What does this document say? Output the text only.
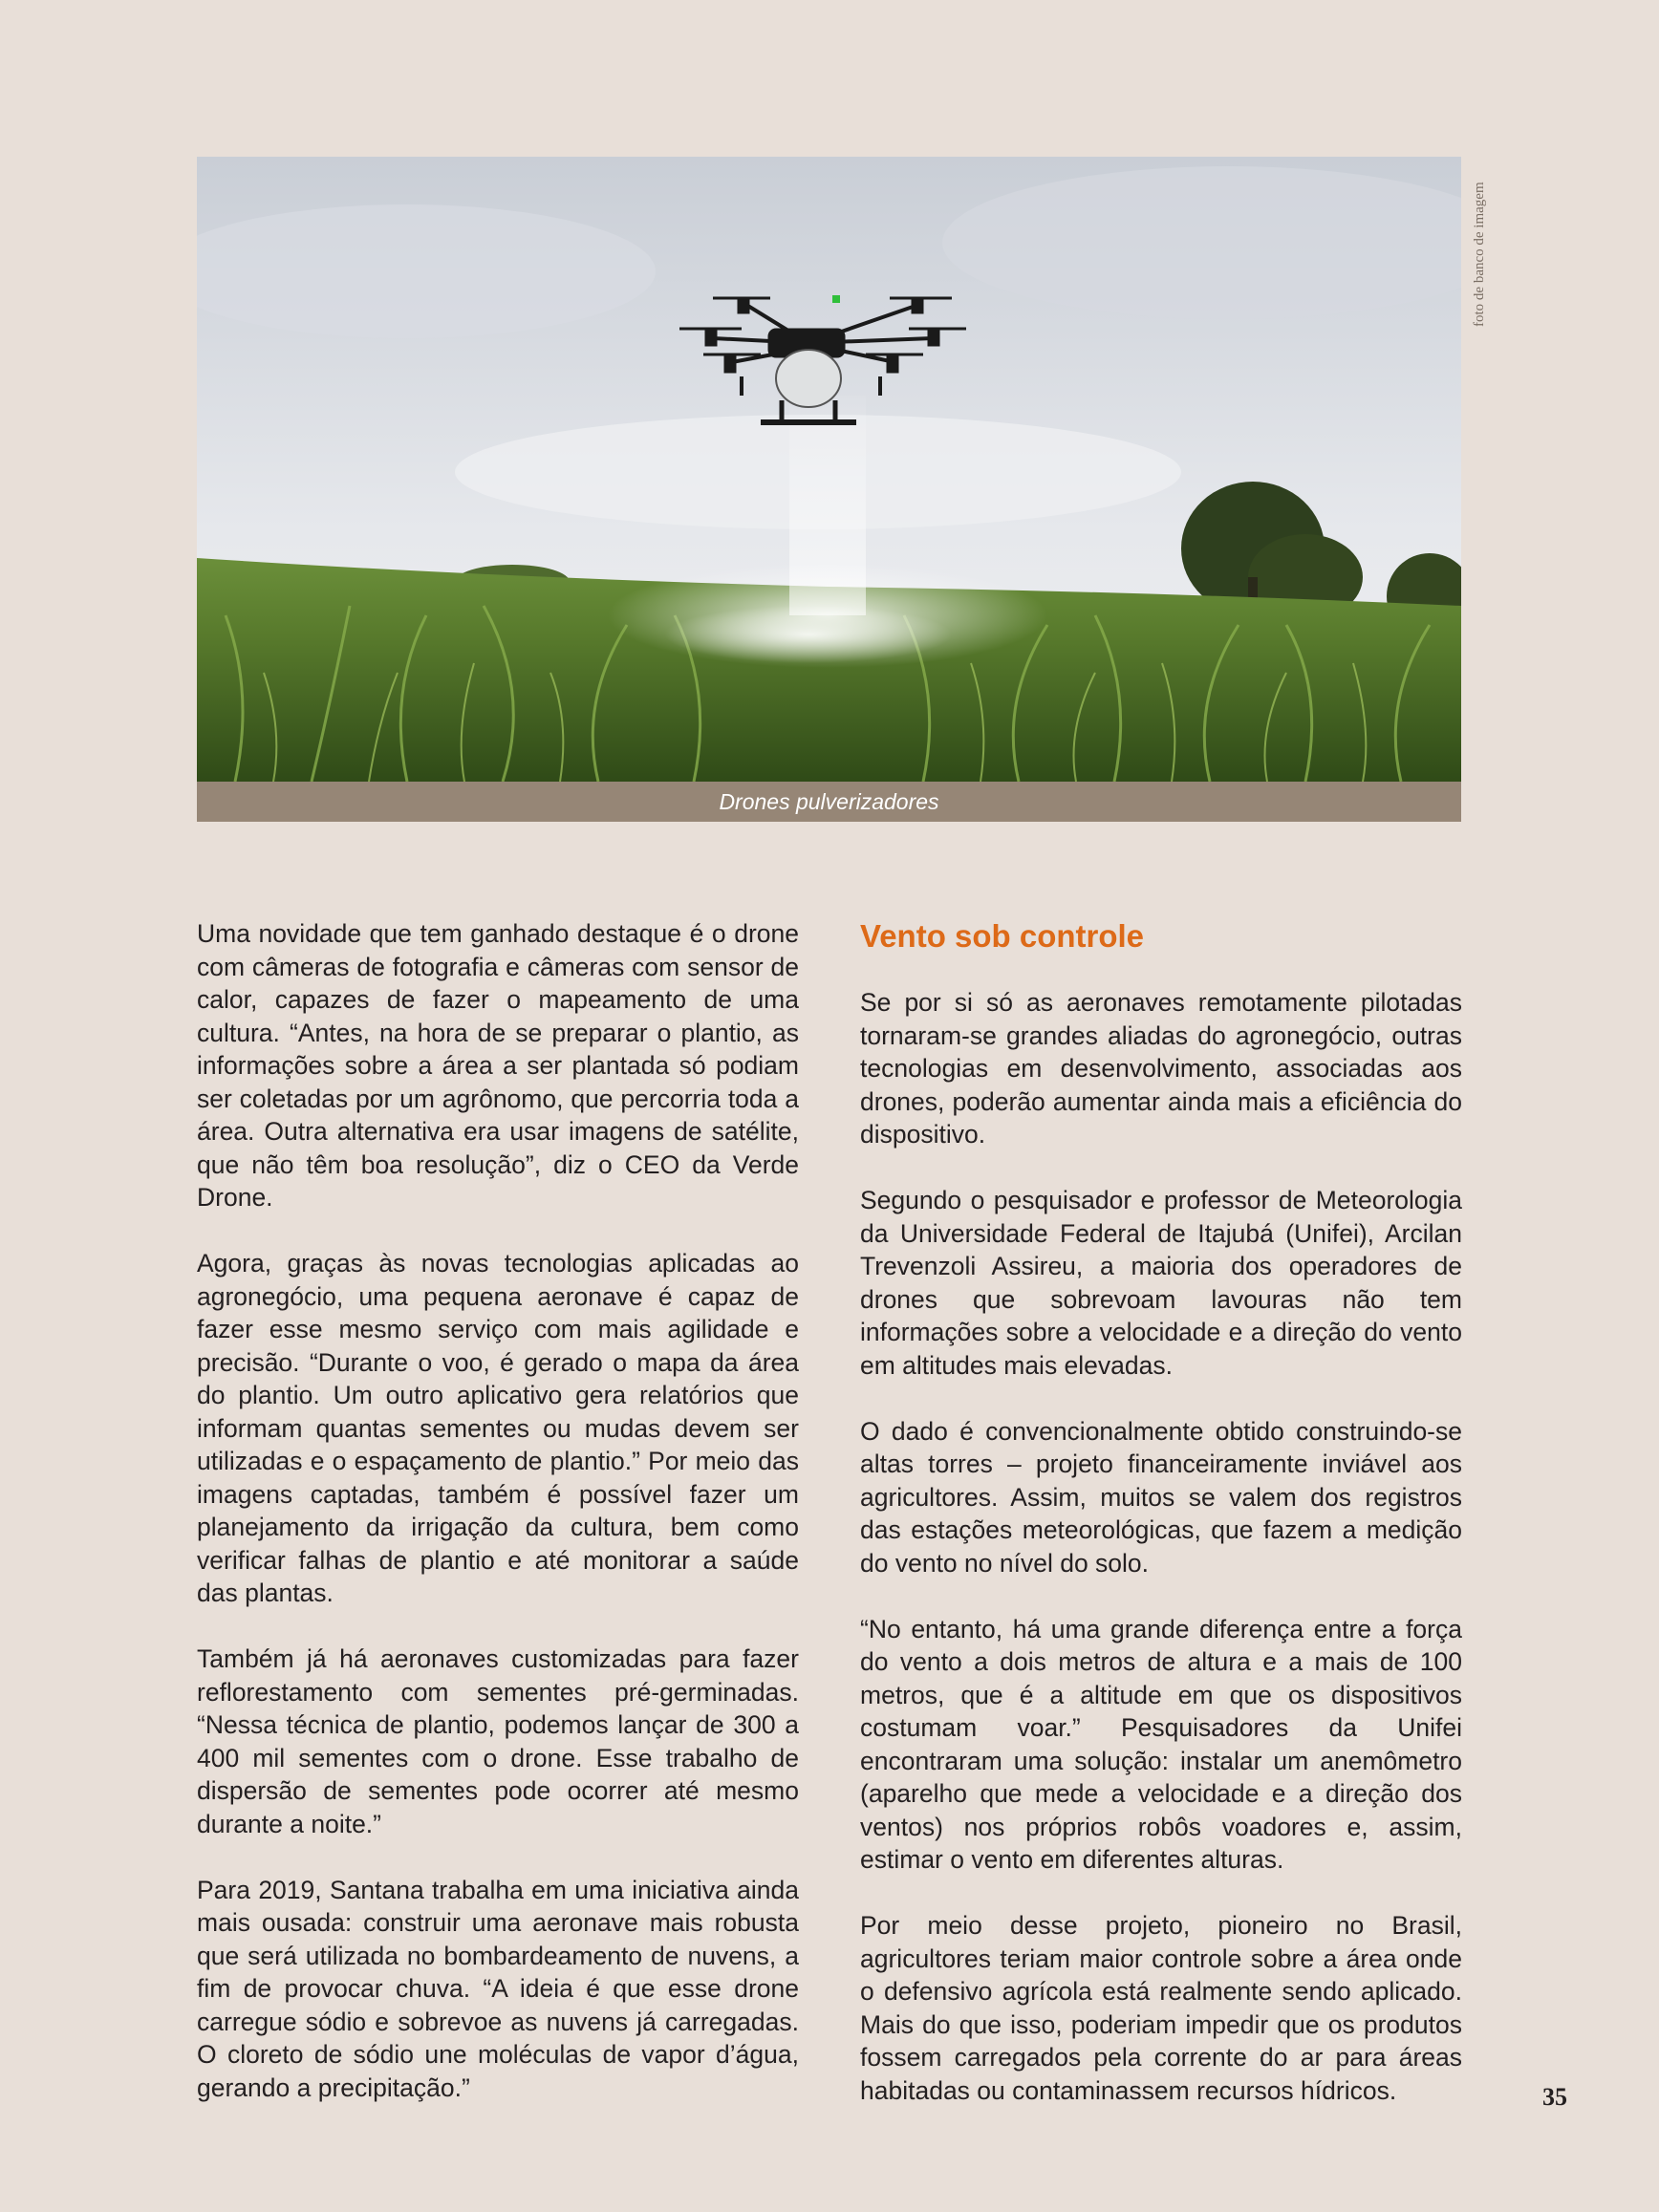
Drones pulverizadores
foto de banco de imagem

Uma novidade que tem ganhado destaque é o drone com câmeras de fotografia e câmeras com sensor de calor, capazes de fazer o mapeamento de uma cultura. “Antes, na hora de se preparar o plantio, as informações sobre a área a ser plantada só podiam ser coletadas por um agrônomo, que percorria toda a área. Outra alternativa era usar imagens de satélite, que não têm boa resolução”, diz o CEO da Verde Drone.

Agora, graças às novas tecnologias aplicadas ao agronegócio, uma pequena aeronave é capaz de fazer esse mesmo serviço com mais agilidade e precisão. “Durante o voo, é gerado o mapa da área do plantio. Um outro aplicativo gera relatórios que informam quantas sementes ou mudas devem ser utilizadas e o espaçamento de plantio.” Por meio das imagens captadas, também é possível fazer um planejamento da irrigação da cultura, bem como verificar falhas de plantio e até monitorar a saúde das plantas.

Também já há aeronaves customizadas para fazer reflorestamento com sementes pré-germinadas. “Nessa técnica de plantio, podemos lançar de 300 a 400 mil sementes com o drone. Esse trabalho de dispersão de sementes pode ocorrer até mesmo durante a noite.”

Para 2019, Santana trabalha em uma iniciativa ainda mais ousada: construir uma aeronave mais robusta que será utilizada no bombardeamento de nuvens, a fim de provocar chuva. “A ideia é que esse drone carregue sódio e sobrevoe as nuvens já carregadas. O cloreto de sódio une moléculas de vapor d’água, gerando a precipitação.”

Vento sob controle

Se por si só as aeronaves remotamente pilotadas tornaram-se grandes aliadas do agronegócio, outras tecnologias em desenvolvimento, associadas aos drones, poderão aumentar ainda mais a eficiência do dispositivo.

Segundo o pesquisador e professor de Meteorologia da Universidade Federal de Itajubá (Unifei), Arcilan Trevenzoli Assireu, a maioria dos operadores de drones que sobrevoam lavouras não tem informações sobre a velocidade e a direção do vento em altitudes mais elevadas.

O dado é convencionalmente obtido construindo-se altas torres – projeto financeiramente inviável aos agricultores. Assim, muitos se valem dos registros das estações meteorológicas, que fazem a medição do vento no nível do solo.

“No entanto, há uma grande diferença entre a força do vento a dois metros de altura e a mais de 100 metros, que é a altitude em que os dispositivos costumam voar.” Pesquisadores da Unifei encontraram uma solução: instalar um anemômetro (aparelho que mede a velocidade e a direção dos ventos) nos próprios robôs voadores e, assim, estimar o vento em diferentes alturas.

Por meio desse projeto, pioneiro no Brasil, agricultores teriam maior controle sobre a área onde o defensivo agrícola está realmente sendo aplicado. Mais do que isso, poderiam impedir que os produtos fossem carregados pela corrente do ar para áreas habitadas ou contaminassem recursos hídricos.	35
